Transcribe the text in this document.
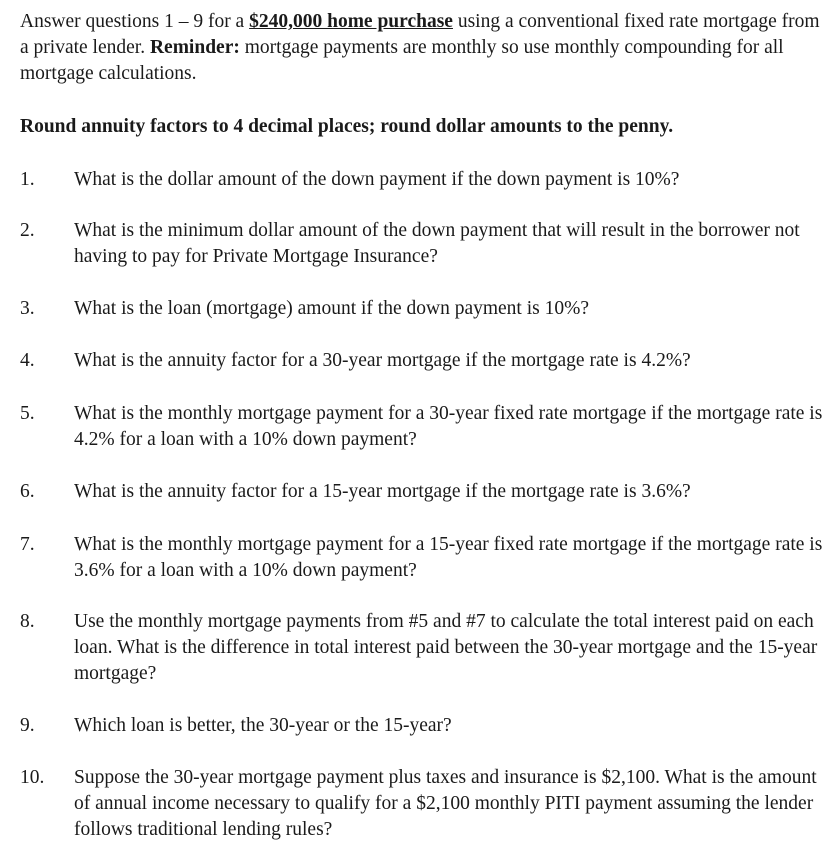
Answer questions 1 – 9 for a $240,000 home purchase using a conventional fixed rate mortgage from a private lender. Reminder: mortgage payments are monthly so use monthly compounding for all mortgage calculations.
Round annuity factors to 4 decimal places; round dollar amounts to the penny.
1.	What is the dollar amount of the down payment if the down payment is 10%?
2.	What is the minimum dollar amount of the down payment that will result in the borrower not having to pay for Private Mortgage Insurance?
3.	What is the loan (mortgage) amount if the down payment is 10%?
4.	What is the annuity factor for a 30-year mortgage if the mortgage rate is 4.2%?
5.	What is the monthly mortgage payment for a 30-year fixed rate mortgage if the mortgage rate is 4.2% for a loan with a 10% down payment?
6.	What is the annuity factor for a 15-year mortgage if the mortgage rate is 3.6%?
7.	What is the monthly mortgage payment for a 15-year fixed rate mortgage if the mortgage rate is 3.6% for a loan with a 10% down payment?
8.	Use the monthly mortgage payments from #5 and #7 to calculate the total interest paid on each loan. What is the difference in total interest paid between the 30-year mortgage and the 15-year mortgage?
9.	Which loan is better, the 30-year or the 15-year?
10.	Suppose the 30-year mortgage payment plus taxes and insurance is $2,100. What is the amount of annual income necessary to qualify for a $2,100 monthly PITI payment assuming the lender follows traditional lending rules?
